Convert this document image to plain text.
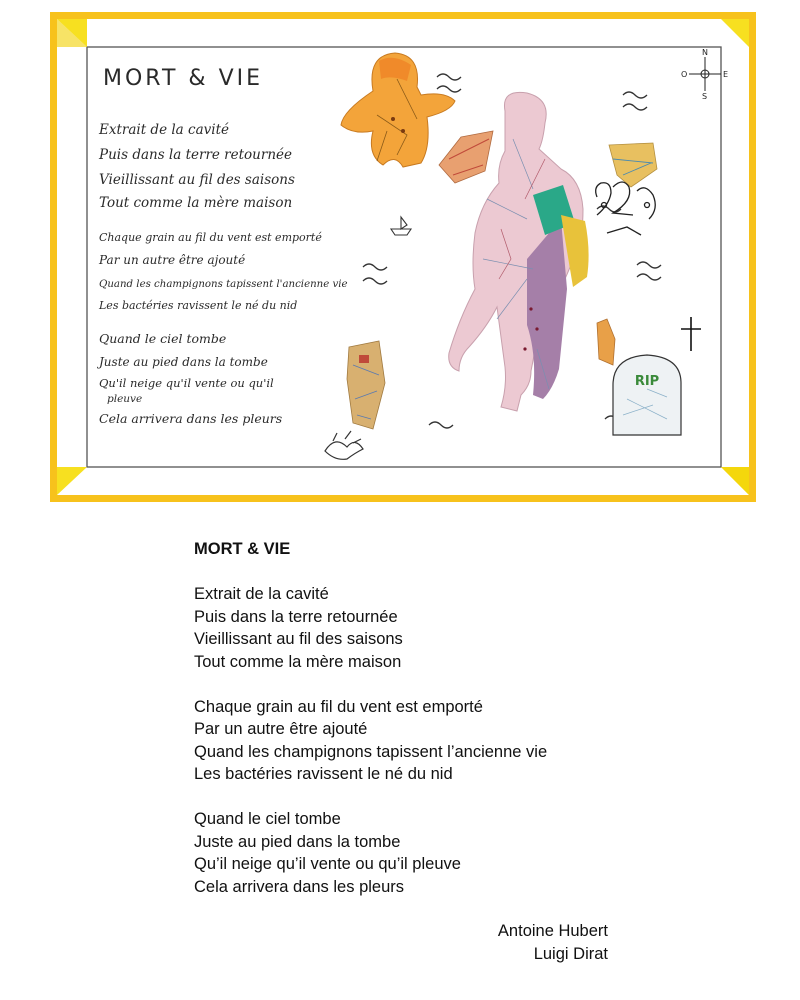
MORT & VIE
Extrait de la cavité
Puis dans la terre retournée
Vieillissant au fil des saisons
Tout comme la mère maison
Chaque grain au fil du vent est emporté
Par un autre être ajouté
Quand les champignons tapissent l'ancienne vie
Les bactéries ravissent le né du nid
Quand le ciel tombe
Juste au pied dans la tombe
Qu'il neige qu'il vente ou qu'il
pleuve
Cela arrivera dans les pleurs
RIP
N
S
E
O
MORT & VIE
Extrait de la cavité
Puis dans la terre retournée
Vieillissant au fil des saisons
Tout comme la mère maison
Chaque grain au fil du vent est emporté
Par un autre être ajouté
Quand les champignons tapissent l’ancienne vie
Les bactéries ravissent le né du nid
Quand le ciel tombe
Juste au pied dans la tombe
Qu’il neige qu’il vente ou qu’il pleuve
Cela arrivera dans les pleurs
Antoine Hubert
Luigi Dirat
